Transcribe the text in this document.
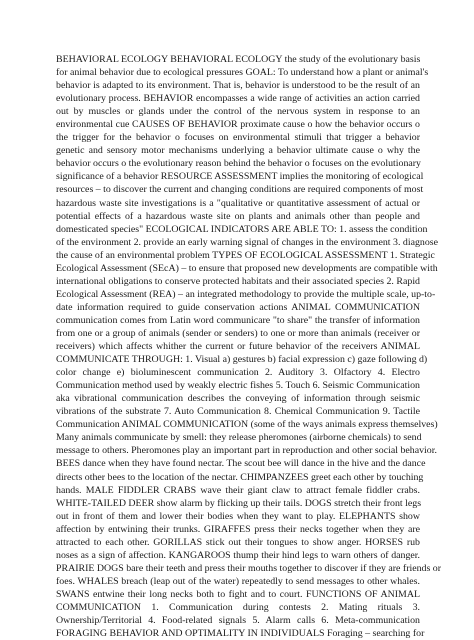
BEHAVIORAL ECOLOGY BEHAVIORAL ECOLOGY the study of the evolutionary basis
for animal behavior due to ecological pressures GOAL: To understand how a plant or animal's
behavior is adapted to its environment. That is, behavior is understood to be the result of an
evolutionary process. BEHAVIOR encompasses a wide range of activities an action carried
out by muscles or glands under the control of the nervous system in response to an
environmental cue CAUSES OF BEHAVIOR proximate cause o how the behavior occurs o
the trigger for the behavior o focuses on environmental stimuli that trigger a behavior
genetic and sensory motor mechanisms underlying a behavior ultimate cause o why the
behavior occurs o the evolutionary reason behind the behavior o focuses on the evolutionary
significance of a behavior RESOURCE ASSESSMENT implies the monitoring of ecological
resources – to discover the current and changing conditions are required components of most
hazardous waste site investigations is a "qualitative or quantitative assessment of actual or
potential effects of a hazardous waste site on plants and animals other than people and
domesticated species" ECOLOGICAL INDICATORS ARE ABLE TO: 1. assess the condition
of the environment 2. provide an early warning signal of changes in the environment 3. diagnose
the cause of an environmental problem TYPES OF ECOLOGICAL ASSESSMENT 1. Strategic
Ecological Assessment (SEcA) – to ensure that proposed new developments are compatible with
international obligations to conserve protected habitats and their associated species 2. Rapid
Ecological Assessment (REA) – an integrated methodology to provide the multiple scale, up-to-
date information required to guide conservation actions ANIMAL COMMUNICATION
communication comes from Latin word communicare "to share" the transfer of information
from one or a group of animals (sender or senders) to one or more than animals (receiver or
receivers) which affects whither the current or future behavior of the receivers ANIMAL
COMMUNICATE THROUGH: 1. Visual a) gestures b) facial expression c) gaze following d)
color change e) bioluminescent communication 2. Auditory 3. Olfactory 4. Electro
Communication method used by weakly electric fishes 5. Touch 6. Seismic Communication
aka vibrational communication describes the conveying of information through seismic
vibrations of the substrate 7. Auto Communication 8. Chemical Communication 9. Tactile
Communication ANIMAL COMMUNICATION (some of the ways animals express themselves)
Many animals communicate by smell: they release pheromones (airborne chemicals) to send
message to others. Pheromones play an important part in reproduction and other social behavior.
BEES dance when they have found nectar. The scout bee will dance in the hive and the dance
directs other bees to the location of the nectar. CHIMPANZEES greet each other by touching
hands. MALE FIDDLER CRABS wave their giant claw to attract female fiddler crabs.
WHITE-TAILED DEER show alarm by flicking up their tails. DOGS stretch their front legs
out in front of them and lower their bodies when they want to play. ELEPHANTS show
affection by entwining their trunks. GIRAFFES press their necks together when they are
attracted to each other. GORILLAS stick out their tongues to show anger. HORSES rub
noses as a sign of affection. KANGAROOS thump their hind legs to warn others of danger.
PRAIRIE DOGS bare their teeth and press their mouths together to discover if they are friends or
foes. WHALES breach (leap out of the water) repeatedly to send messages to other whales.
SWANS entwine their long necks both to fight and to court. FUNCTIONS OF ANIMAL
COMMUNICATION 1. Communication during contests 2. Mating rituals 3.
Ownership/Territorial 4. Food-related signals 5. Alarm calls 6. Meta-communication
FORAGING BEHAVIOR AND OPTIMALITY IN INDIVIDUALS Foraging – searching for
